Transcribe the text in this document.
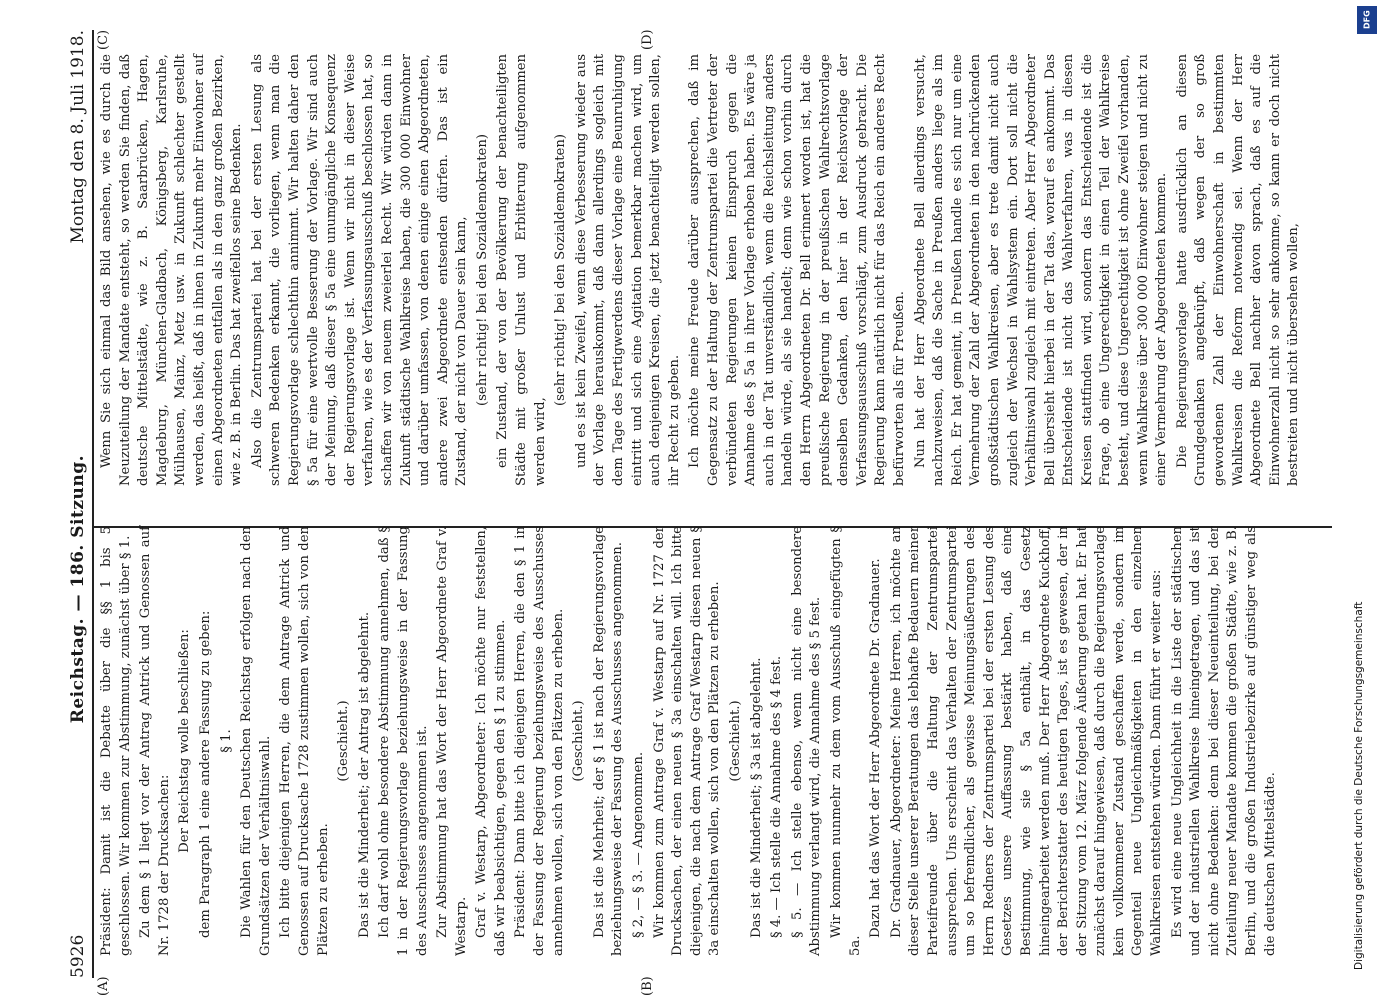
5926
Reichstag. — 186. Sitzung.
Montag den 8. Juli 1918.
(A)	(B)
(C)	(D)

Präsident: Damit ist die Debatte über die §§ 1 bis 5 geschlossen. Wir kommen zur Abstimmung, zunächst über § 1. Zu dem § 1 liegt vor der Antrag Antrick und Genossen auf Nr. 1728 der Drucksachen:

Der Reichstag wolle beschließen: dem Paragraph 1 eine andere Fassung zu geben: § 1. Die Wahlen für den Deutschen Reichstag erfolgen nach den Grundsätzen der Verhältniswahl. Ich bitte diejenigen Herren, die dem Antrage Antrick und Genossen auf Drucksache 1728 zustimmen wollen, sich von den Plätzen zu erheben.

(Geschieht.) Das ist die Minderheit; der Antrag ist abgelehnt. Ich darf wohl ohne besondere Abstimmung annehmen, daß § 1 in der Regierungsvorlage beziehungsweise in der Fassung des Ausschusses angenommen ist. Zur Abstimmung hat das Wort der Herr Abgeordnete Graf v. Westarp. Graf v. Westarp, Abgeordneter: Ich möchte nur feststellen, daß wir beabsichtigen, gegen den § 1 zu stimmen. Präsident: Dann bitte ich diejenigen Herren, die den § 1 in der Fassung der Regierung beziehungsweise des Ausschusses annehmen wollen, sich von den Plätzen zu erheben. (Geschieht.) Das ist die Mehrheit; der § 1 ist nach der Regierungsvorlage beziehungsweise der Fassung des Ausschusses angenommen. § 2, — § 3. — Angenommen. Wir kommen zum Antrage Graf v. Westarp auf Nr. 1727 der Drucksachen, der einen neuen § 3a einschalten will. Ich bitte diejenigen, die nach dem Antrage Graf Westarp diesen neuen § 3a einschalten wollen, sich von den Plätzen zu erheben. (Geschieht.) Das ist die Minderheit; § 3a ist abgelehnt. § 4. — Ich stelle die Annahme des § 4 fest. § 5. — Ich stelle ebenso, wenn nicht eine besondere Abstimmung verlangt wird, die Annahme des § 5 fest. Wir kommen nunmehr zu dem vom Ausschuß eingefügten § 5a.

Dazu hat das Wort der Herr Abgeordnete Dr. Gradnauer. Dr. Gradnauer, Abgeordneter: Meine Herren, ich möchte an dieser Stelle unserer Beratungen das lebhafte Bedauern meiner Parteifreunde über die Haltung der Zentrumspartei aussprechen. Uns erscheint das Verhalten der Zentrumspartei um so befremdlicher, als gewisse Meinungsäußerungen des Herrn Redners der Zentrumspartei bei der ersten Lesung des Gesetzes unsere Auffassung bestärkt haben, daß eine Bestimmung, wie sie § 5a enthält, in das Gesetz hineingearbeitet werden muß. Der Herr Abgeordnete Kuckhoff, der Berichterstatter des heutigen Tages, ist es gewesen, der in der Sitzung vom 12. März folgende Äußerung getan hat. Er hat zunächst darauf hingewiesen, daß durch die Regierungsvorlage kein vollkommener Zustand geschaffen werde, sondern im Gegenteil neue Ungleichmäßigkeiten in den einzelnen Wahlkreisen entstehen würden. Dann führt er weiter aus: Es wird eine neue Ungleichheit in die Liste der städtischen und der industriellen Wahlkreise hineingetragen, und das ist nicht ohne Bedenken: denn bei dieser Neueinteilung, bei der Zuteilung neuer Mandate kommen die großen Städte, wie z. B. Berlin, und die großen Industriebezirke auf günstiger weg als die deutschen Mittelstädte.

Wenn Sie sich einmal das Bild ansehen, wie es durch die Neuzuteilung der Mandate entsteht, so werden Sie finden, daß deutsche Mittelstädte, wie z. B. Saarbrücken, Hagen, Magdeburg, München-Gladbach, Königsberg, Karlsruhe, Mülhausen, Mainz, Metz usw. in Zukunft schlechter gestellt werden, das heißt, daß in ihnen in Zukunft mehr Einwohner auf einen Abgeordneten entfallen als in den ganz großen Bezirken, wie z. B. in Berlin. Das hat zweifellos seine Bedenken. Also die Zentrumspartei hat bei der ersten Lesung als schweren Bedenken erkannt, die vorliegen, wenn man die Regierungsvorlage schlechthin annimmt. Wir halten daher den § 5a für eine wertvolle Besserung der Vorlage. Wir sind auch der Meinung, daß dieser § 5a eine unumgängliche Konsequenz der Regierungsvorlage ist. Wenn wir nicht in dieser Weise verfahren, wie es der Verfassungsausschuß beschlossen hat, so schaffen wir von neuem zweierlei Recht. Wir würden dann in Zukunft städtische Wahlkreise haben, die 300 000 Einwohner und darüber umfassen, von denen einige einen Abgeordneten, andere zwei Abgeordnete entsenden dürfen. Das ist ein Zustand, der nicht von Dauer sein kann, (sehr richtig! bei den Sozialdemokraten) ein Zustand, der von der Bevölkerung der benachteiligten Städte mit großer Unlust und Erbitterung aufgenommen werden wird,

(sehr richtig! bei den Sozialdemokraten) und es ist kein Zweifel, wenn diese Verbesserung wieder aus der Vorlage herauskommt, daß dann allerdings sogleich mit dem Tage des Fertigwerdens dieser Vorlage eine Beunruhigung eintritt und sich eine Agitation bemerkbar machen wird, um auch denjenigen Kreisen, die jetzt benachteiligt werden sollen, ihr Recht zu geben. Ich möchte meine Freude darüber aussprechen, daß im Gegensatz zu der Haltung der Zentrumspartei die Vertreter der verbündeten Regierungen keinen Einspruch gegen die Annahme des § 5a in ihrer Vorlage erhoben haben. Es wäre ja auch in der Tat unverständlich, wenn die Reichsleitung anders handeln würde, als sie handelt; denn wie schon vorhin durch den Herrn Abgeordneten Dr. Bell erinnert worden ist, hat die preußische Regierung in der preußischen Wahlrechtsvorlage denselben Gedanken, den hier in der Reichsvorlage der Verfassungsausschuß vorschlägt, zum Ausdruck gebracht. Die Regierung kann natürlich nicht für das Reich ein anderes Recht befürworten als für Preußen. Nun hat der Herr Abgeordnete Bell allerdings versucht, nachzuweisen, daß die Sache in Preußen anders liege als im Reich. Er hat gemeint, in Preußen handle es sich nur um eine Vermehrung der Zahl der Abgeordneten in den nachrückenden großstädtischen Wahlkreisen, aber es trete damit nicht auch zugleich der Wechsel in Wahlsystem ein. Dort soll nicht die Verhältniswahl zugleich mit eintreten. Aber Herr Abgeordneter Bell übersieht hierbei in der Tat das, worauf es ankommt. Das Entscheidende ist nicht das Wahlverfahren, was in diesen Kreisen stattfinden wird, sondern das Entscheidende ist die Frage, ob eine Ungerechtigkeit in einen Teil der Wahlkreise besteht, und diese Ungerechtigkeit ist ohne Zweifel vorhanden, wenn Wahlkreise über 300 000 Einwohner steigen und nicht zu einer Vermehrung der Abgeordneten kommen. Die Regierungsvorlage hatte ausdrücklich an diesen Grundgedanken angeknüpft, daß wegen der so groß gewordenen Zahl der Einwohnerschaft in bestimmten Wahlkreisen die Reform notwendig sei. Wenn der Herr Abgeordnete Bell nachher davon sprach, daß es auf die Einwohnerzahl nicht so sehr ankomme, so kann er doch nicht bestreiten und nicht übersehen wollen,

DFG
Digitalisierung gefördert durch die Deutsche Forschungsgemeinschaft
